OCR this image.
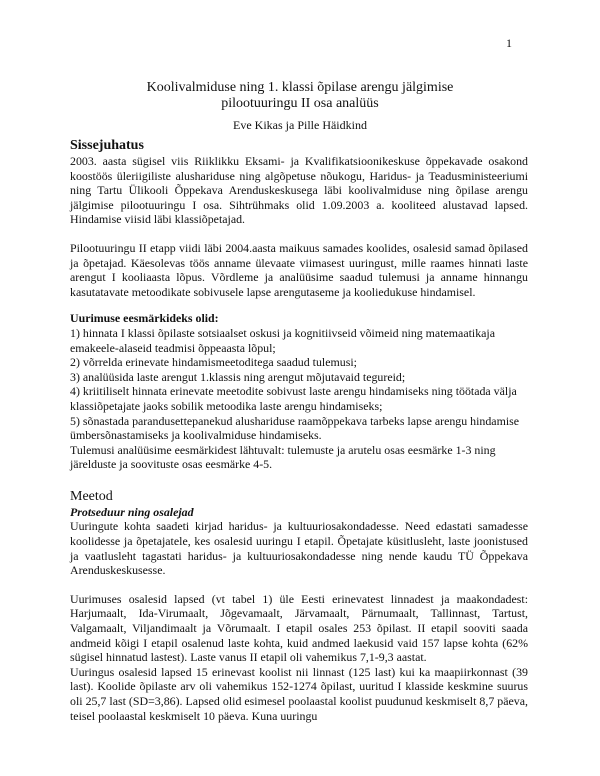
1
Koolivalmiduse ning 1. klassi õpilase arengu jälgimise
pilootuuringu II osa analüüs
Eve Kikas ja Pille Häidkind
Sissejuhatus

2003. aasta sügisel viis Riiklikku Eksami- ja Kvalifikatsioonikeskuse õppekavade osakond koostöös üleriigiliste alushariduse ning algõpetuse nõukogu, Haridus- ja Teadusministeeriumi ning Tartu Ülikooli Õppekava Arenduskeskusega läbi koolivalmiduse ning õpilase arengu jälgimise pilootuuringu I osa. Sihtrühmaks olid 1.09.2003 a. kooliteed alustavad lapsed. Hindamise viisid läbi klassiõpetajad.

Pilootuuringu II etapp viidi läbi 2004.aasta maikuus samades koolides, osalesid samad õpilased ja õpetajad. Käesolevas töös anname ülevaate viimasest uuringust, mille raames hinnati laste arengut I kooliaasta lõpus. Võrdleme ja analüüsime saadud tulemusi ja anname hinnangu kasutatavate metoodikate sobivusele lapse arengutaseme ja kooliedukuse hindamisel.

Uurimuse eesmärkideks olid:

1) hinnata I klassi õpilaste sotsiaalset oskusi ja kognitiivseid võimeid ning matemaatikaja emakeele-alaseid teadmisi õppeaasta lõpul;

2) võrrelda erinevate hindamismeetoditega saadud tulemusi;

3) analüüsida laste arengut 1.klassis ning arengut mõjutavaid tegureid;

4) kriitiliselt hinnata erinevate meetodite sobivust laste arengu hindamiseks ning töötada välja klassiõpetajate jaoks sobilik metoodika laste arengu hindamiseks;

5) sõnastada parandusettepanekud alushariduse raamõppekava tarbeks lapse arengu hindamise ümbersõnastamiseks ja koolivalmiduse hindamiseks.

Tulemusi analüüsime eesmärkidest lähtuvalt: tulemuste ja arutelu osas eesmärke 1-3 ning järelduste ja soovituste osas eesmärke 4-5.

Meetod
Protseduur ning osalejad

Uuringute kohta saadeti kirjad haridus- ja kultuuriosakondadesse. Need edastati samadesse koolidesse ja õpetajatele, kes osalesid uuringu I etapil. Õpetajate küsitlusleht, laste joonistused ja vaatlusleht tagastati haridus- ja kultuuriosakondadesse ning nende kaudu TÜ Õppekava Arenduskeskusesse.

Uurimuses osalesid lapsed (vt tabel 1) üle Eesti erinevatest linnadest ja maakondadest: Harjumaalt, Ida-Virumaalt, Jõgevamaalt, Järvamaalt, Pärnumaalt, Tallinnast, Tartust, Valgamaalt, Viljandimaalt ja Võrumaalt. I etapil osales 253 õpilast. II etapil sooviti saada andmeid kõigi I etapil osalenud laste kohta, kuid andmed laekusid vaid 157 lapse kohta (62% sügisel hinnatud lastest). Laste vanus II etapil oli vahemikus 7,1-9,3 aastat.

Uuringus osalesid lapsed 15 erinevast koolist nii linnast (125 last) kui ka maapiirkonnast (39 last). Koolide õpilaste arv oli vahemikus 152-1274 õpilast, uuritud I klasside keskmine suurus oli 25,7 last (SD=3,86). Lapsed olid esimesel poolaastal koolist puudunud keskmiselt 8,7 päeva, teisel poolaastal keskmiselt 10 päeva. Kuna uuringu
